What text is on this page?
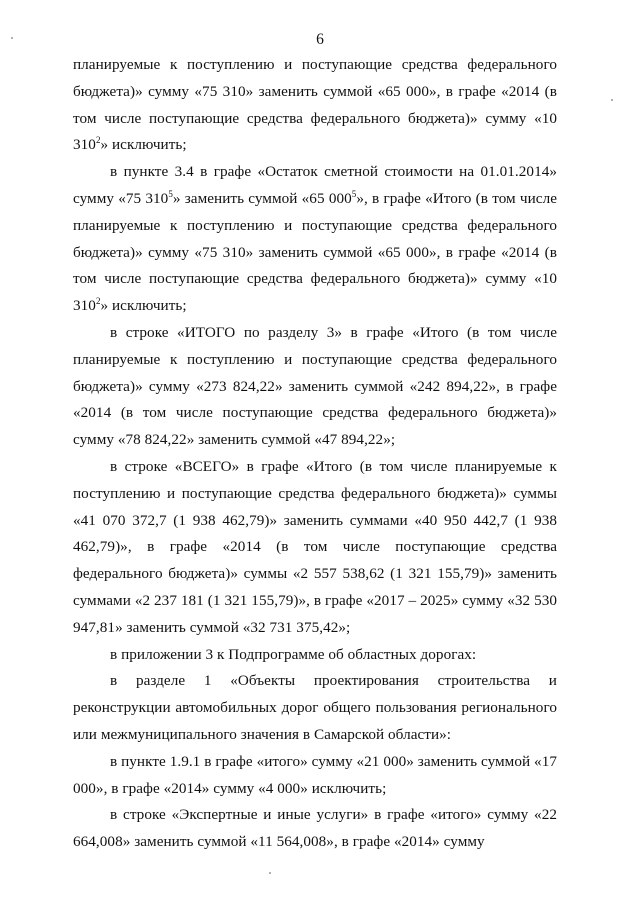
6

планируемые к поступлению и поступающие средства федерального бюджета)» сумму «75 310» заменить суммой «65 000», в графе «2014 (в том числе поступающие средства федерального бюджета)» сумму «10 $310^2$» исключить;

в пункте 3.4 в графе «Остаток сметной стоимости на 01.01.2014» сумму «75 $310^5$» заменить суммой «65 $000^5$», в графе «Итого (в том числе планируемые к поступлению и поступающие средства федерального бюджета)» сумму «75 310» заменить суммой «65 000», в графе «2014 (в том числе поступающие средства федерального бюджета)» сумму «10 $310^2$» исключить;

в строке «ИТОГО по разделу 3» в графе «Итого (в том числе планируемые к поступлению и поступающие средства федерального бюджета)» сумму «273 824,22» заменить суммой «242 894,22», в графе «2014 (в том числе поступающие средства федерального бюджета)» сумму «78 824,22» заменить суммой «47 894,22»;

в строке «ВСЕГО» в графе «Итого (в том числе планируемые к поступлению и поступающие средства федерального бюджета)» суммы «41 070 372,7 (1 938 462,79)» заменить суммами «40 950 442,7 (1 938 462,79)», в графе «2014 (в том числе поступающие средства федерального бюджета)» суммы «2 557 538,62 (1 321 155,79)» заменить суммами «2 237 181 (1 321 155,79)», в графе «2017 – 2025» сумму «32 530 947,81» заменить суммой «32 731 375,42»;

в приложении 3 к Подпрограмме об областных дорогах:

в разделе 1 «Объекты проектирования строительства и реконструкции автомобильных дорог общего пользования регионального или межмуниципального значения в Самарской области»:

в пункте 1.9.1 в графе «итого» сумму «21 000» заменить суммой «17 000», в графе «2014» сумму «4 000» исключить;

в строке «Экспертные и иные услуги» в графе «итого» сумму «22 664,008» заменить суммой «11 564,008», в графе «2014» сумму
